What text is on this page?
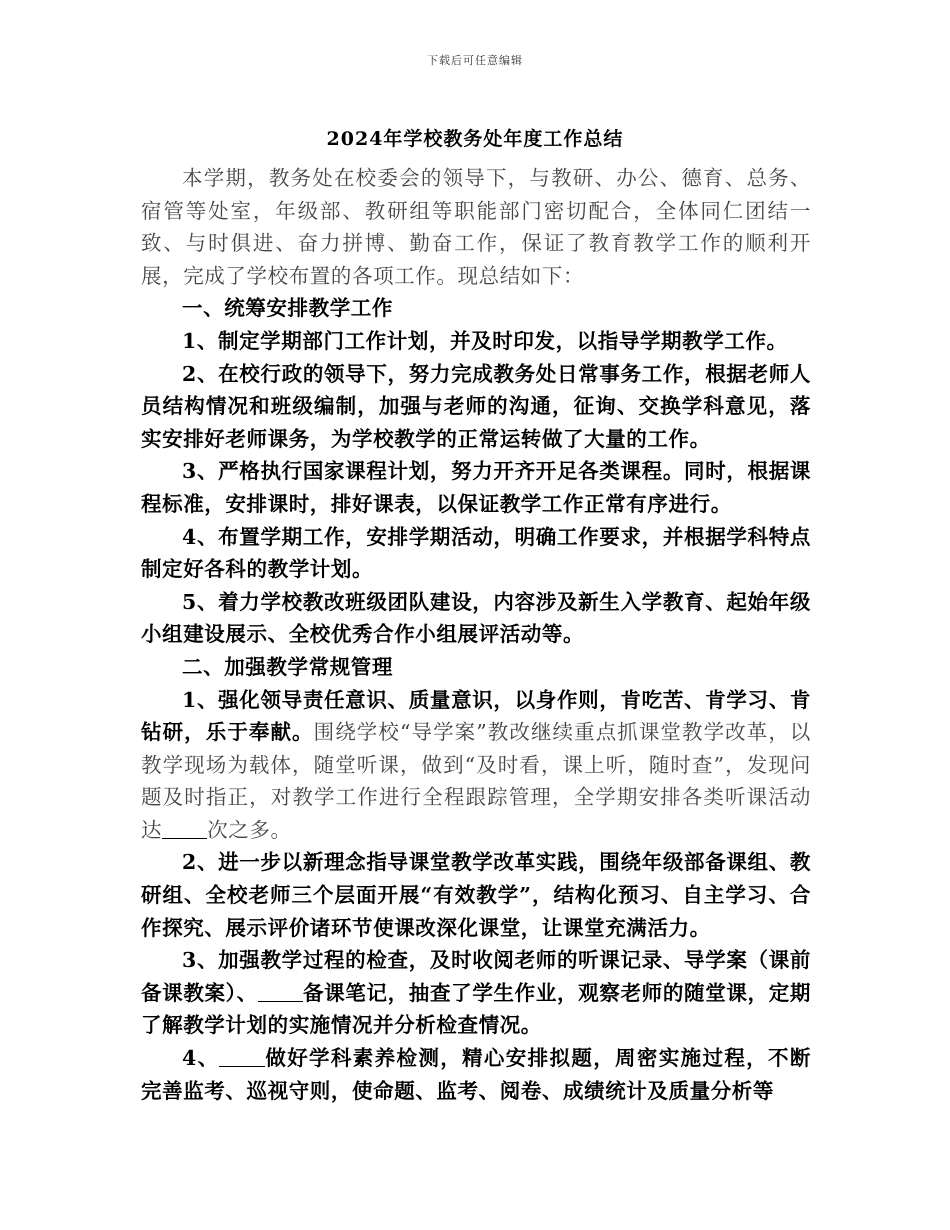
下载后可任意编辑
2024年学校教务处年度工作总结

本学期，教务处在校委会的领导下，与教研、办公、德育、总务、宿管等处室，年级部、教研组等职能部门密切配合，全体同仁团结一致、与时俱进、奋力拼博、勤奋工作，保证了教育教学工作的顺利开展，完成了学校布置的各项工作。现总结如下：

一、统筹安排教学工作

1、制定学期部门工作计划，并及时印发，以指导学期教学工作。

2、在校行政的领导下，努力完成教务处日常事务工作，根据老师人员结构情况和班级编制，加强与老师的沟通，征询、交换学科意见，落实安排好老师课务，为学校教学的正常运转做了大量的工作。

3、严格执行国家课程计划，努力开齐开足各类课程。同时，根据课程标准，安排课时，排好课表，以保证教学工作正常有序进行。

4、布置学期工作，安排学期活动，明确工作要求，并根据学科特点制定好各科的教学计划。

5、着力学校教改班级团队建设，内容涉及新生入学教育、起始年级小组建设展示、全校优秀合作小组展评活动等。

二、加强教学常规管理

1、强化领导责任意识、质量意识，以身作则，肯吃苦、肯学习、肯钻研，乐于奉献。围绕学校“导学案”教改继续重点抓课堂教学改革，以教学现场为载体，随堂听课，做到“及时看，课上听，随时查”，发现问题及时指正，对教学工作进行全程跟踪管理，全学期安排各类听课活动达 次之多。

2、进一步以新理念指导课堂教学改革实践，围绕年级部备课组、教研组、全校老师三个层面开展“有效教学”，结构化预习、自主学习、合作探究、展示评价诸环节使课改深化课堂，让课堂充满活力。

3、加强教学过程的检查，及时收阅老师的听课记录、导学案（课前备课教案）、 备课笔记，抽查了学生作业，观察老师的随堂课，定期了解教学计划的实施情况并分析检查情况。

4、 做好学科素养检测，精心安排拟题，周密实施过程，不断完善监考、巡视守则，使命题、监考、阅卷、成绩统计及质量分析等
